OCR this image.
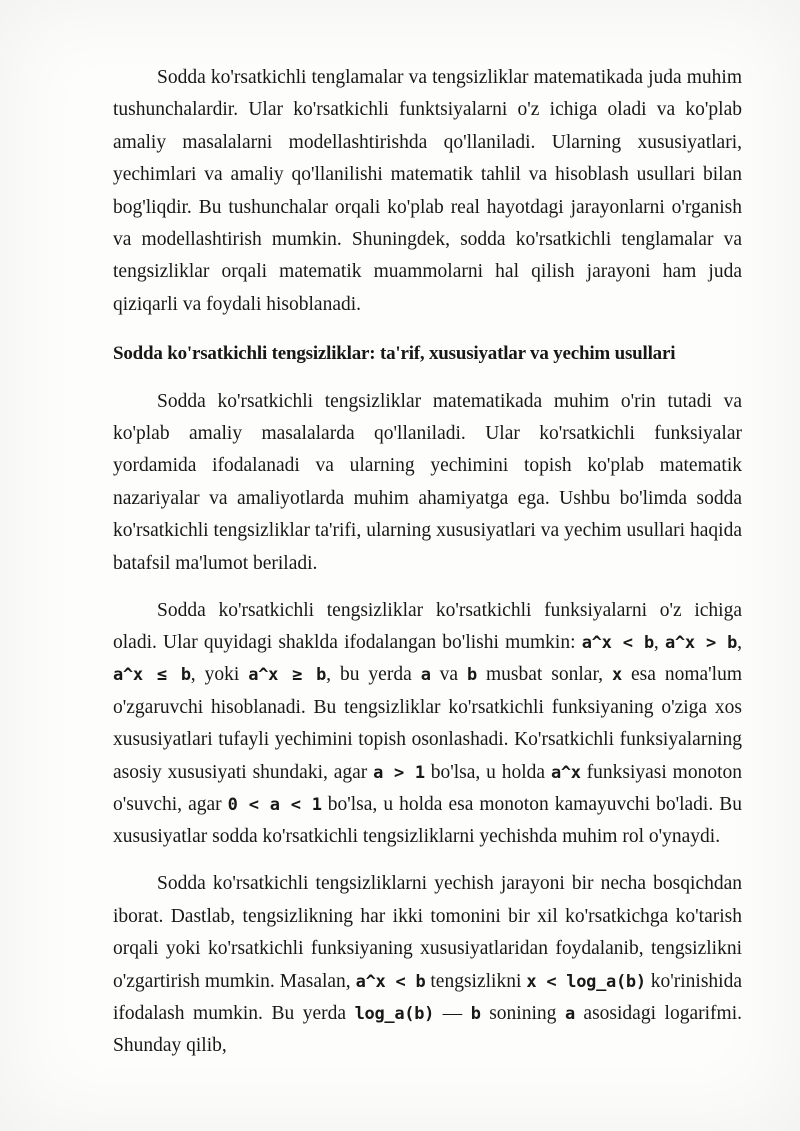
Sodda ko'rsatkichli tenglamalar va tengsizliklar matematikada juda muhim tushunchalardir. Ular ko'rsatkichli funktsiyalarni o'z ichiga oladi va ko'plab amaliy masalalarni modellashtirishda qo'llaniladi. Ularning xususiyatlari, yechimlari va amaliy qo'llanilishi matematik tahlil va hisoblash usullari bilan bog'liqdir. Bu tushunchalar orqali ko'plab real hayotdagi jarayonlarni o'rganish va modellashtirish mumkin. Shuningdek, sodda ko'rsatkichli tenglamalar va tengsizliklar orqali matematik muammolarni hal qilish jarayoni ham juda qiziqarli va foydali hisoblanadi.

Sodda ko'rsatkichli tengsizliklar: ta'rif, xususiyatlar va yechim usullari

Sodda ko'rsatkichli tengsizliklar matematikada muhim o'rin tutadi va ko'plab amaliy masalalarda qo'llaniladi. Ular ko'rsatkichli funksiyalar yordamida ifodalanadi va ularning yechimini topish ko'plab matematik nazariyalar va amaliyotlarda muhim ahamiyatga ega. Ushbu bo'limda sodda ko'rsatkichli tengsizliklar ta'rifi, ularning xususiyatlari va yechim usullari haqida batafsil ma'lumot beriladi.

Sodda ko'rsatkichli tengsizliklar ko'rsatkichli funksiyalarni o'z ichiga oladi. Ular quyidagi shaklda ifodalangan bo'lishi mumkin: a^x < b, a^x > b, a^x ≤ b, yoki a^x ≥ b, bu yerda a va b musbat sonlar, x esa noma'lum o'zgaruvchi hisoblanadi. Bu tengsizliklar ko'rsatkichli funksiyaning o'ziga xos xususiyatlari tufayli yechimini topish osonlashadi. Ko'rsatkichli funksiyalarning asosiy xususiyati shundaki, agar a > 1 bo'lsa, u holda a^x funksiyasi monoton o'suvchi, agar 0 < a < 1 bo'lsa, u holda esa monoton kamayuvchi bo'ladi. Bu xususiyatlar sodda ko'rsatkichli tengsizliklarni yechishda muhim rol o'ynaydi.

Sodda ko'rsatkichli tengsizliklarni yechish jarayoni bir necha bosqichdan iborat. Dastlab, tengsizlikning har ikki tomonini bir xil ko'rsatkichga ko'tarish orqali yoki ko'rsatkichli funksiyaning xususiyatlaridan foydalanib, tengsizlikni o'zgartirish mumkin. Masalan, a^x < b tengsizlikni x < log_a(b) ko'rinishida ifodalash mumkin. Bu yerda log_a(b) — b sonining a asosidagi logarifmi. Shunday qilib,
